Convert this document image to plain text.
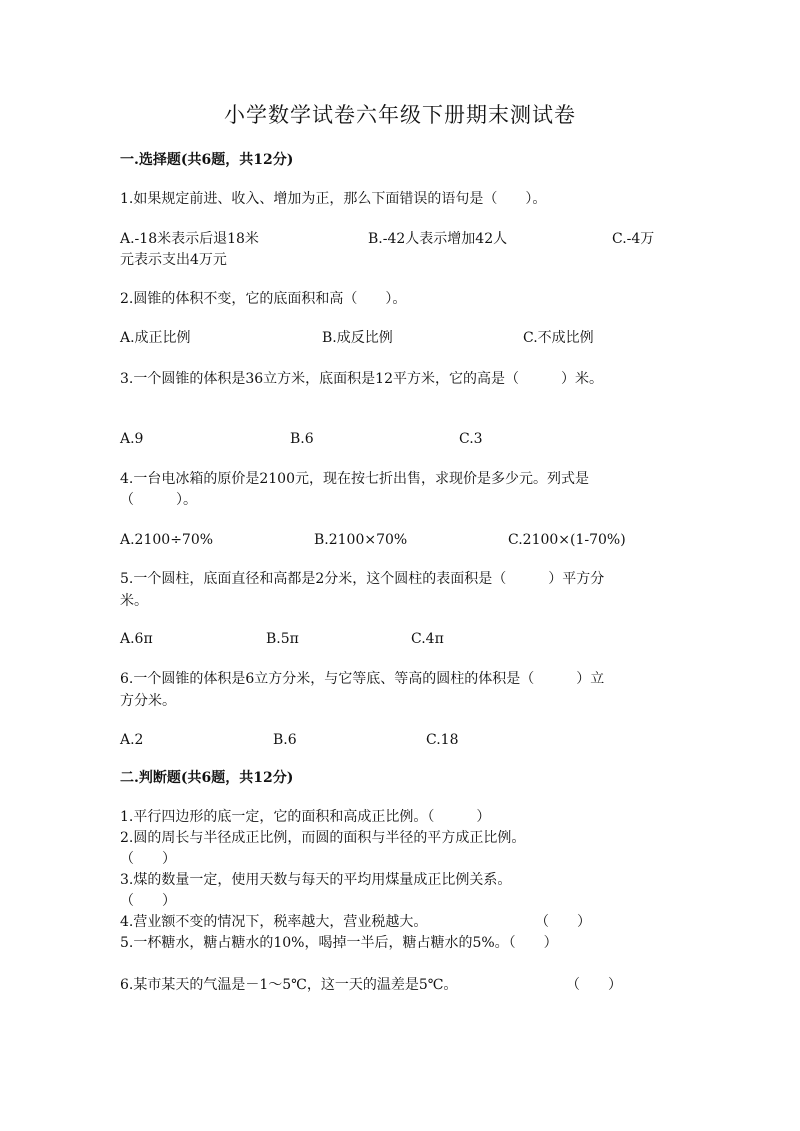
小学数学试卷六年级下册期末测试卷
一.选择题(共6题，共12分)
1.如果规定前进、收入、增加为正，那么下面错误的语句是（　　）。
A.-18米表示后退18米	B.-42人表示增加42人	C.-4万
元表示支出4万元
2.圆锥的体积不变，它的底面积和高（　　）。
A.成正比例	B.成反比例	C.不成比例
3.一个圆锥的体积是36立方米，底面积是12平方米，它的高是（　　　）米。
A.9	B.6	C.3
4.一台电冰箱的原价是2100元，现在按七折出售，求现价是多少元。列式是
（　　　）。
A.2100÷70%	B.2100×70%	C.2100×(1-70%)
5.一个圆柱，底面直径和高都是2分米，这个圆柱的表面积是（　　　）平方分
米。
A.6π	B.5π	C.4π
6.一个圆锥的体积是6立方分米，与它等底、等高的圆柱的体积是（　　　）立
方分米。
A.2	B.6	C.18
二.判断题(共6题，共12分)
1.平行四边形的底一定，它的面积和高成正比例。（　　　）
2.圆的周长与半径成正比例，而圆的面积与半径的平方成正比例。
（　　）
3.煤的数量一定，使用天数与每天的平均用煤量成正比例关系。
（　　）
4.营业额不变的情况下，税率越大，营业税越大。	（　　）
5.一杯糖水，糖占糖水的10%，喝掉一半后，糖占糖水的5%。（　　）
6.某市某天的气温是－1～5℃，这一天的温差是5℃。	（　　）
